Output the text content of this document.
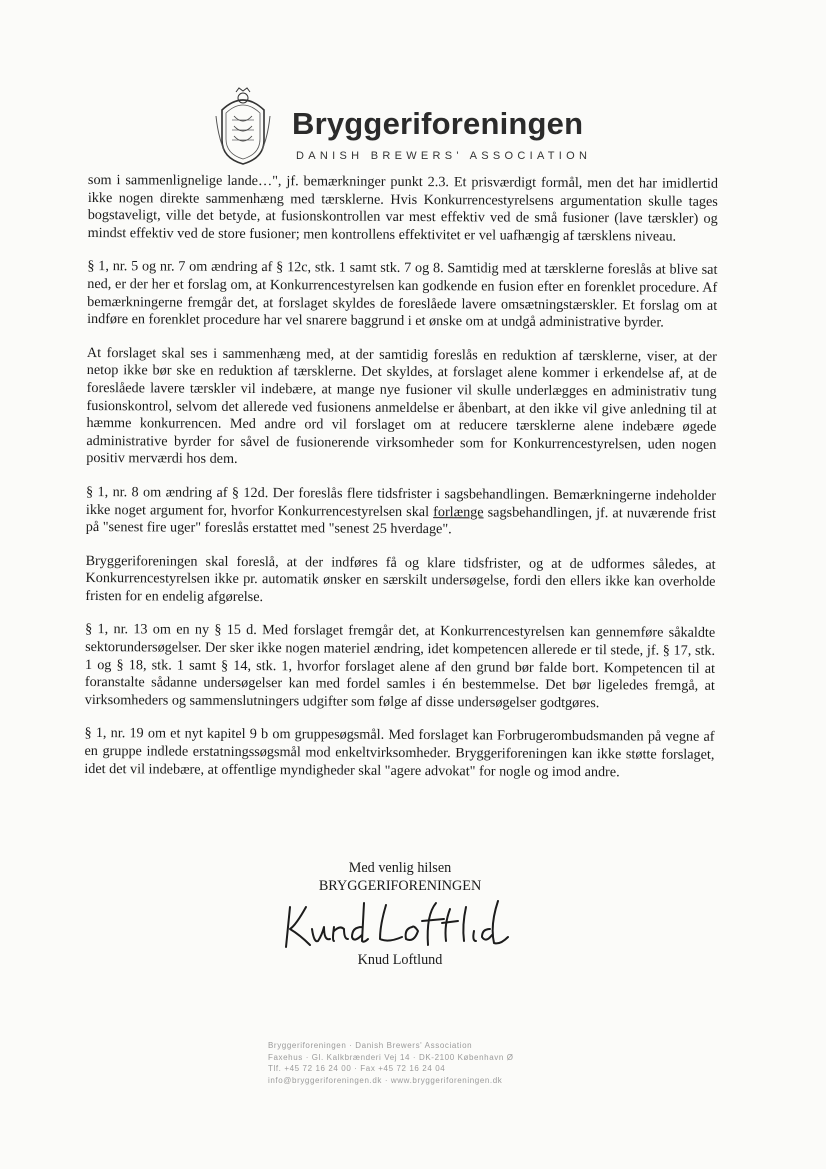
Bryggeriforeningen
DANISH BREWERS' ASSOCIATION

som i sammenlignelige lande…", jf. bemærkninger punkt 2.3. Et prisværdigt formål, men det har imidlertid ikke nogen direkte sammenhæng med tærsklerne. Hvis Konkurrencestyrelsens argumentation skulle tages bogstaveligt, ville det betyde, at fusionskontrollen var mest effektiv ved de små fusioner (lave tærskler) og mindst effektiv ved de store fusioner; men kontrollens effektivitet er vel uafhængig af tærsklens niveau.

§ 1, nr. 5 og nr. 7 om ændring af § 12c, stk. 1 samt stk. 7 og 8. Samtidig med at tærsklerne foreslås at blive sat ned, er der her et forslag om, at Konkurrencestyrelsen kan godkende en fusion efter en forenklet procedure. Af bemærkningerne fremgår det, at forslaget skyldes de foreslåede lavere omsætningstærskler. Et forslag om at indføre en forenklet procedure har vel snarere baggrund i et ønske om at undgå administrative byrder.

At forslaget skal ses i sammenhæng med, at der samtidig foreslås en reduktion af tærsklerne, viser, at der netop ikke bør ske en reduktion af tærsklerne. Det skyldes, at forslaget alene kommer i erkendelse af, at de foreslåede lavere tærskler vil indebære, at mange nye fusioner vil skulle underlægges en administrativ tung fusionskontrol, selvom det allerede ved fusionens anmeldelse er åbenbart, at den ikke vil give anledning til at hæmme konkurrencen. Med andre ord vil forslaget om at reducere tærsklerne alene indebære øgede administrative byrder for såvel de fusionerende virksomheder som for Konkurrencestyrelsen, uden nogen positiv merværdi hos dem.

§ 1, nr. 8 om ændring af § 12d. Der foreslås flere tidsfrister i sagsbehandlingen. Bemærkningerne indeholder ikke noget argument for, hvorfor Konkurrencestyrelsen skal forlænge sagsbehandlingen, jf. at nuværende frist på "senest fire uger" foreslås erstattet med "senest 25 hverdage".

Bryggeriforeningen skal foreslå, at der indføres få og klare tidsfrister, og at de udformes således, at Konkurrencestyrelsen ikke pr. automatik ønsker en særskilt undersøgelse, fordi den ellers ikke kan overholde fristen for en endelig afgørelse.

§ 1, nr. 13 om en ny § 15 d. Med forslaget fremgår det, at Konkurrencestyrelsen kan gennemføre såkaldte sektorundersøgelser. Der sker ikke nogen materiel ændring, idet kompetencen allerede er til stede, jf. § 17, stk. 1 og § 18, stk. 1 samt § 14, stk. 1, hvorfor forslaget alene af den grund bør falde bort. Kompetencen til at foranstalte sådanne undersøgelser kan med fordel samles i én bestemmelse. Det bør ligeledes fremgå, at virksomheders og sammenslutningers udgifter som følge af disse undersøgelser godtgøres.

§ 1, nr. 19 om et nyt kapitel 9 b om gruppesøgsmål. Med forslaget kan Forbrugerombudsmanden på vegne af en gruppe indlede erstatningssøgsmål mod enkeltvirksomheder. Bryggeriforeningen kan ikke støtte forslaget, idet det vil indebære, at offentlige myndigheder skal "agere advokat" for nogle og imod andre.

Med venlig hilsen
BRYGGERIFORENINGEN
Knud Loftlund
Bryggeriforeningen · Danish Brewers' Association
Faxehus · Gl. Kalkbrænderi Vej 14 · DK-2100 København Ø
Tlf. +45 72 16 24 00 · Fax +45 72 16 24 04
info@bryggeriforeningen.dk · www.bryggeriforeningen.dk
